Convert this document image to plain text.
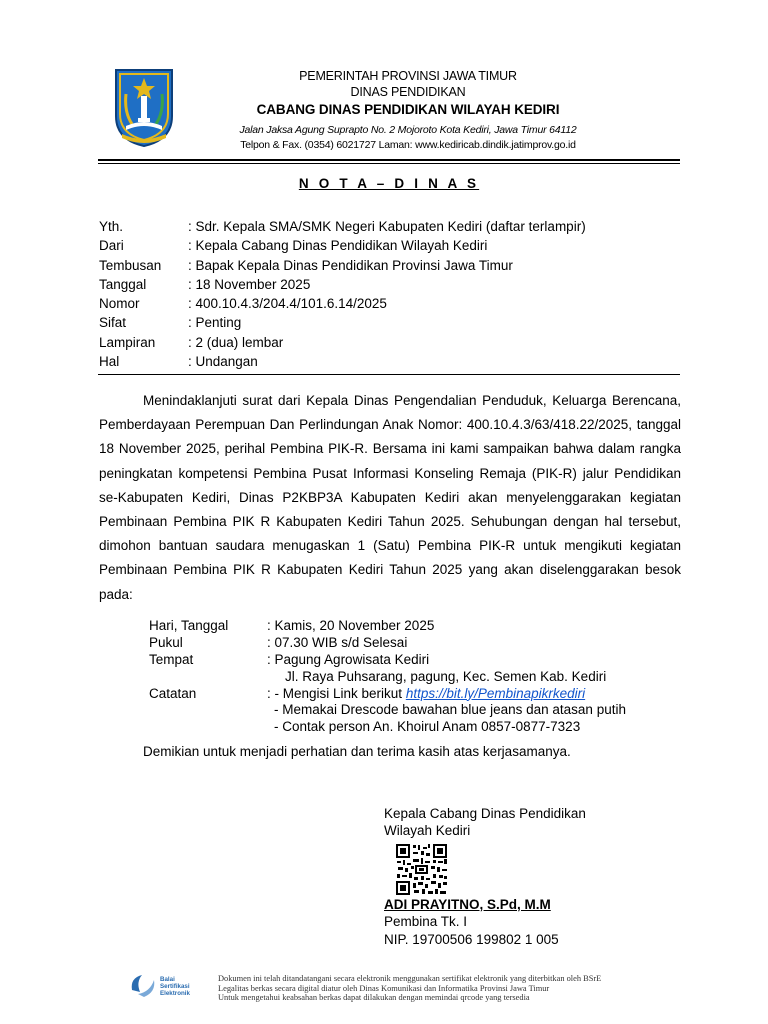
PEMERINTAH PROVINSI JAWA TIMUR
DINAS PENDIDIKAN
CABANG DINAS PENDIDIKAN WILAYAH KEDIRI
Jalan Jaksa Agung Suprapto No. 2 Mojoroto Kota Kediri, Jawa Timur 64112
Telpon & Fax. (0354) 6021727 Laman: www.kediricab.dindik.jatimprov.go.id
N O T A – D I N A S
Yth.	: Sdr. Kepala SMA/SMK Negeri Kabupaten Kediri (daftar terlampir)
Dari	: Kepala Cabang Dinas Pendidikan Wilayah Kediri
Tembusan	: Bapak Kepala Dinas Pendidikan Provinsi Jawa Timur
Tanggal	: 18 November 2025
Nomor	: 400.10.4.3/204.4/101.6.14/2025
Sifat	: Penting
Lampiran	: 2 (dua) lembar
Hal	: Undangan

Menindaklanjuti surat dari Kepala Dinas Pengendalian Penduduk, Keluarga Berencana, Pemberdayaan Perempuan Dan Perlindungan Anak Nomor: 400.10.4.3/63/418.22/2025, tanggal 18 November 2025, perihal Pembina PIK-R. Bersama ini kami sampaikan bahwa dalam rangka peningkatan kompetensi Pembina Pusat Informasi Konseling Remaja (PIK-R) jalur Pendidikan se-Kabupaten Kediri, Dinas P2KBP3A Kabupaten Kediri akan menyelenggarakan kegiatan Pembinaan Pembina PIK R Kabupaten Kediri Tahun 2025. Sehubungan dengan hal tersebut, dimohon bantuan saudara menugaskan 1 (Satu) Pembina PIK-R untuk mengikuti kegiatan Pembinaan Pembina PIK R Kabupaten Kediri Tahun 2025 yang akan diselenggarakan besok pada:

Hari, Tanggal	: Kamis, 20 November 2025
Pukul	: 07.30 WIB s/d Selesai
Tempat	: Pagung Agrowisata Kediri
Jl. Raya Puhsarang, pagung, Kec. Semen Kab. Kediri
Catatan	: - Mengisi Link berikut https://bit.ly/Pembinapikrkediri
- Memakai Drescode bawahan blue jeans dan atasan putih
- Contak person An. Khoirul Anam 0857-0877-7323
Demikian untuk menjadi perhatian dan terima kasih atas kerjasamanya.
Kepala Cabang Dinas Pendidikan
Wilayah Kediri
ADI PRAYITNO, S.Pd, M.M
Pembina Tk. I
NIP. 19700506 199802 1 005
Balai
Sertifikasi
Elektronik
Dokumen ini telah ditandatangani secara elektronik menggunakan sertifikat elektronik yang diterbitkan oleh BSrE
Legalitas berkas secara digital diatur oleh Dinas Komunikasi dan Informatika Provinsi Jawa Timur
Untuk mengetahui keabsahan berkas dapat dilakukan dengan memindai qrcode yang tersedia
